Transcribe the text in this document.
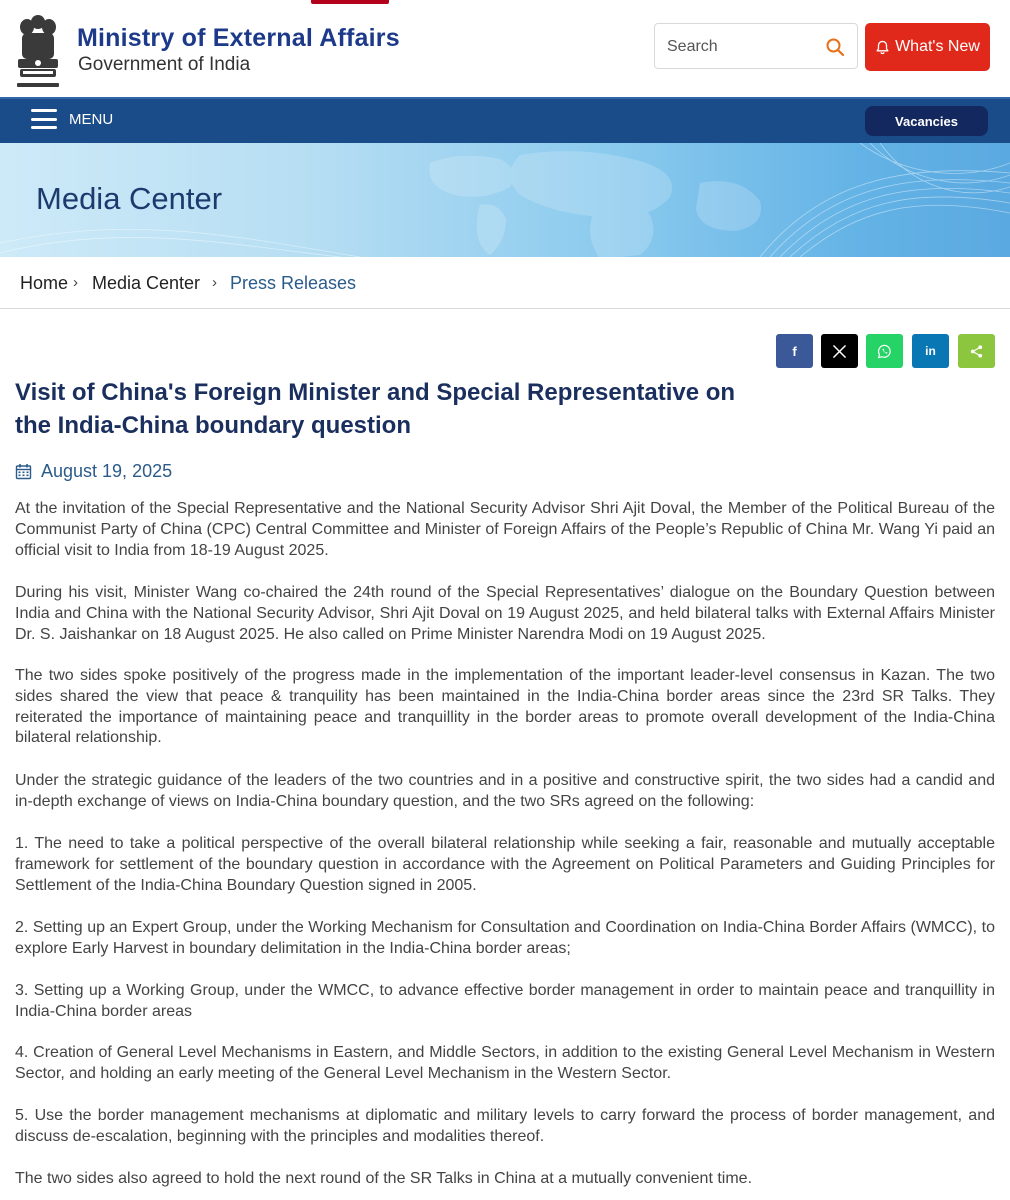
Ministry of External Affairs
Government of India
Search
What's New
MENU	Vacancies
Media Center
Home › Media Center › Press Releases
f	in
Visit of China's Foreign Minister and Special Representative on the India-China boundary question
August 19, 2025

At the invitation of the Special Representative and the National Security Advisor Shri Ajit Doval, the Member of the Political Bureau of the Communist Party of China (CPC) Central Committee and Minister of Foreign Affairs of the People’s Republic of China Mr. Wang Yi paid an official visit to India from 18-19 August 2025.

During his visit, Minister Wang co-chaired the 24th round of the Special Representatives’ dialogue on the Boundary Question between India and China with the National Security Advisor, Shri Ajit Doval on 19 August 2025, and held bilateral talks with External Affairs Minister Dr. S. Jaishankar on 18 August 2025. He also called on Prime Minister Narendra Modi on 19 August 2025.

The two sides spoke positively of the progress made in the implementation of the important leader-level consensus in Kazan. The two sides shared the view that peace & tranquility has been maintained in the India-China border areas since the 23rd SR Talks. They reiterated the importance of maintaining peace and tranquillity in the border areas to promote overall development of the India-China bilateral relationship.

Under the strategic guidance of the leaders of the two countries and in a positive and constructive spirit, the two sides had a candid and in-depth exchange of views on India-China boundary question, and the two SRs agreed on the following:

1. The need to take a political perspective of the overall bilateral relationship while seeking a fair, reasonable and mutually acceptable framework for settlement of the boundary question in accordance with the Agreement on Political Parameters and Guiding Principles for Settlement of the India-China Boundary Question signed in 2005.

2. Setting up an Expert Group, under the Working Mechanism for Consultation and Coordination on India-China Border Affairs (WMCC), to explore Early Harvest in boundary delimitation in the India-China border areas;

3. Setting up a Working Group, under the WMCC, to advance effective border management in order to maintain peace and tranquillity in India-China border areas

4. Creation of General Level Mechanisms in Eastern, and Middle Sectors, in addition to the existing General Level Mechanism in Western Sector, and holding an early meeting of the General Level Mechanism in the Western Sector.

5. Use the border management mechanisms at diplomatic and military levels to carry forward the process of border management, and discuss de-escalation, beginning with the principles and modalities thereof.

The two sides also agreed to hold the next round of the SR Talks in China at a mutually convenient time.
